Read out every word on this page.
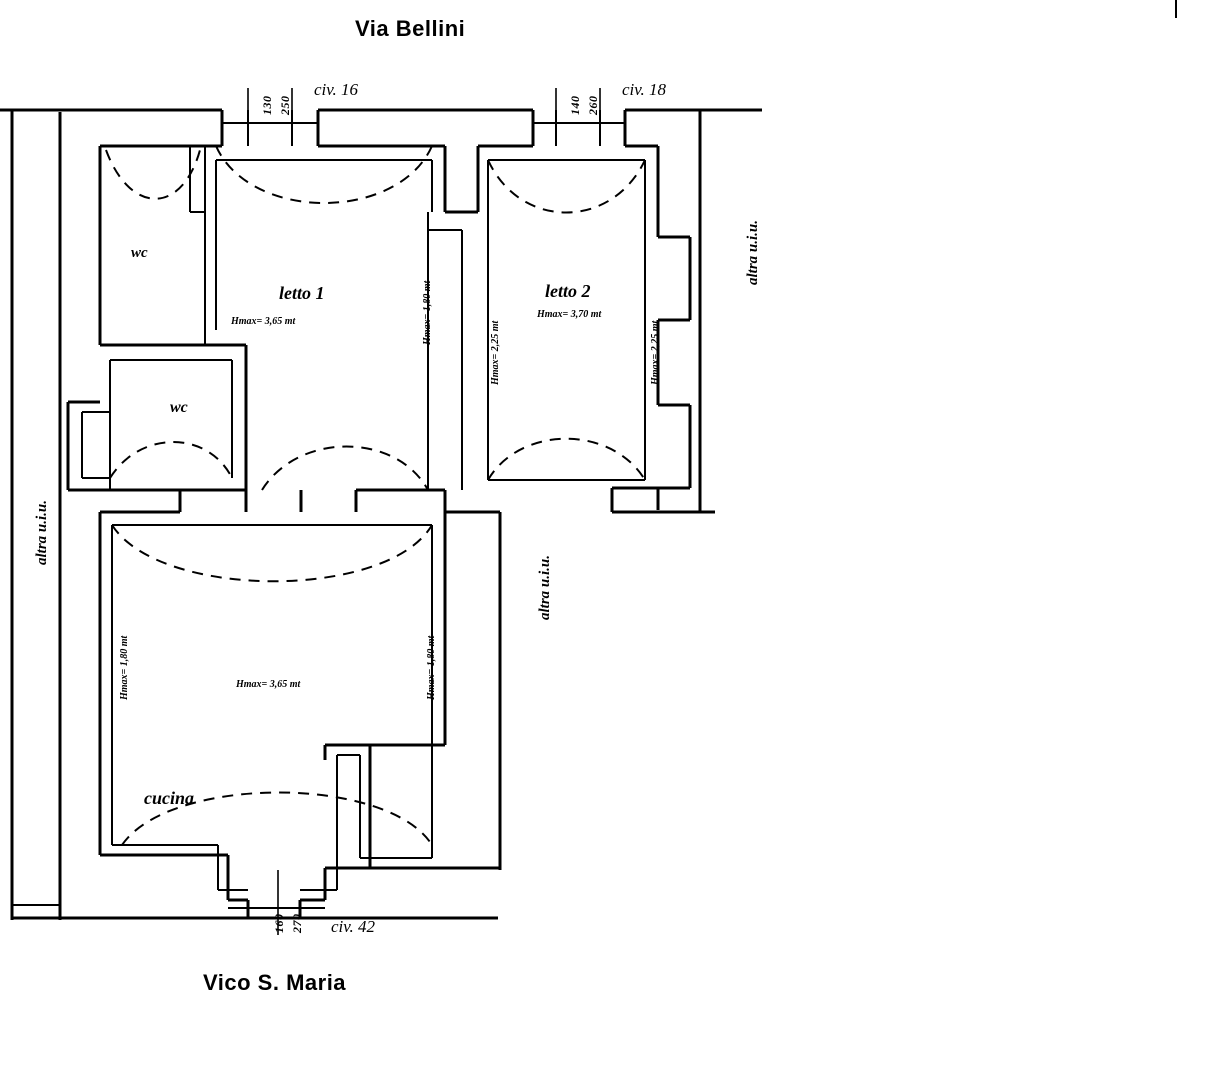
Via Bellini
Vico S. Maria
civ. 16	civ. 18
civ. 42
130 250	140 260
160 270
wc
wc
letto 1	letto 2
cucina
Hmax= 3,65 mt
Hmax= 3,70 mt
Hmax= 3,65 mt
Hmax= 1,80 mt
Hmax= 2,25 mt	Hmax= 2,25 mt
Hmax= 1,80 mt	Hmax= 1,80 mt
altra u.i.u.
altra u.i.u.
altra u.i.u.
